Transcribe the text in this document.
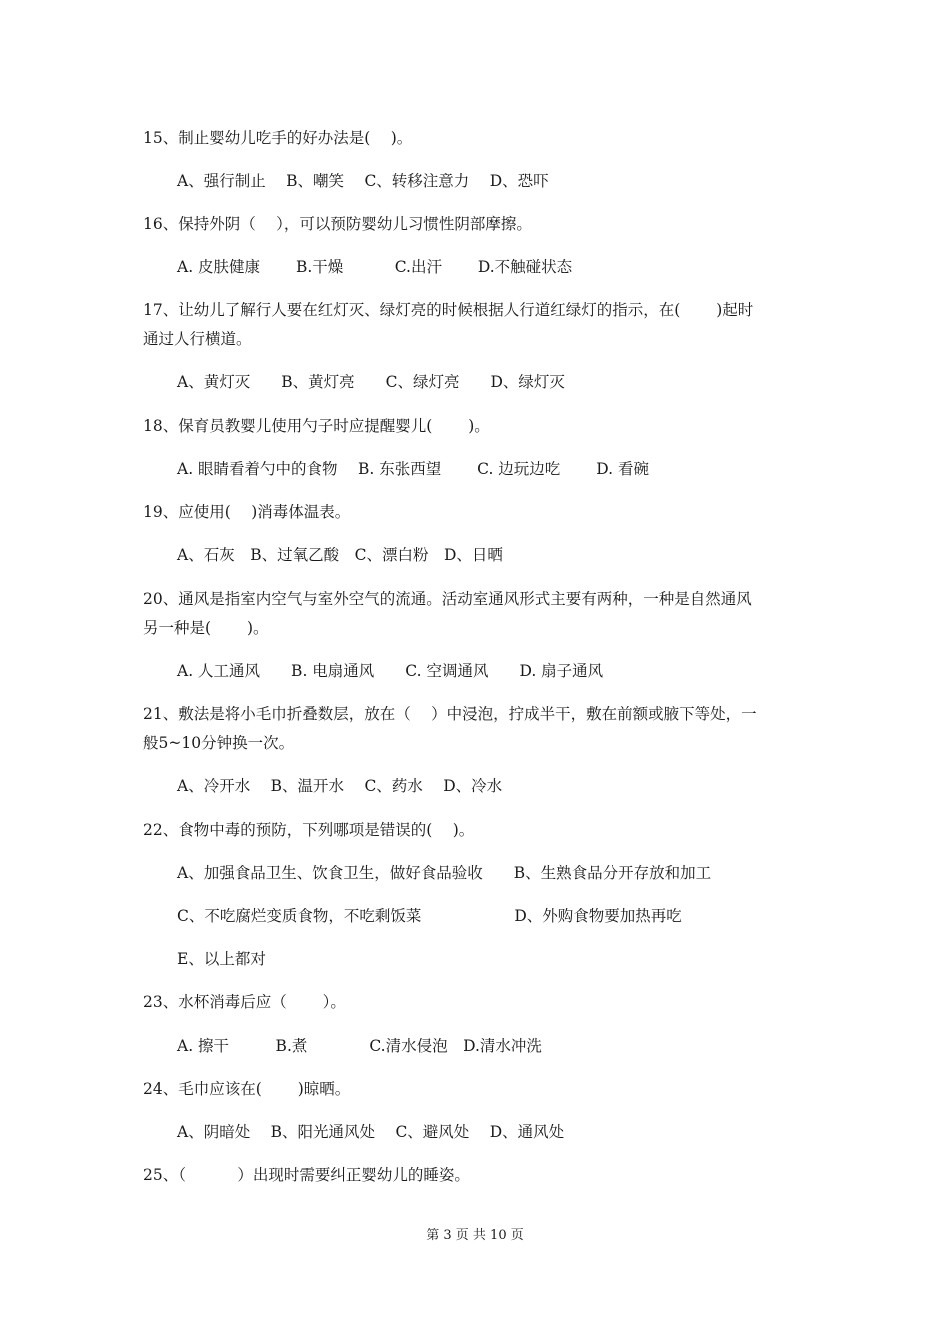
15、制止婴幼儿吃手的好办法是(　 )。
A、强行制止　 B、嘲笑　 C、转移注意力　 D、恐吓
16、保持外阴（　 ），可以预防婴幼儿习惯性阴部摩擦。
A. 皮肤健康　　 B.干燥　　　 C.出汗　　 D.不触碰状态
17、让幼儿了解行人要在红灯灭、绿灯亮的时候根据人行道红绿灯的指示，在(　 　)起时
通过人行横道。
A、黄灯灭　　B、黄灯亮　　C、绿灯亮　　D、绿灯灭
18、保育员教婴儿使用勺子时应提醒婴儿(　 　)。
A. 眼睛看着勺中的食物　 B. 东张西望　　 C. 边玩边吃　　 D. 看碗
19、应使用(　 )消毒体温表。
A、石灰　B、过氧乙酸　C、漂白粉　D、日晒
20、通风是指室内空气与室外空气的流通。活动室通风形式主要有两种，一种是自然通风
另一种是(　 　)。
A. 人工通风　　B. 电扇通风　　C. 空调通风　　D. 扇子通风
21、敷法是将小毛巾折叠数层，放在（　 ）中浸泡，拧成半干，敷在前额或腋下等处，一
般5~10分钟换一次。
A、冷开水　 B、温开水　 C、药水　 D、冷水
22、食物中毒的预防，下列哪项是错误的(　 )。
A、加强食品卫生、饮食卫生，做好食品验收　　B、生熟食品分开存放和加工
C、不吃腐烂变质食物，不吃剩饭菜　　　　　　D、外购食物要加热再吃
E、以上都对
23、水杯消毒后应（　 　）。
A. 擦干　　　B.煮　　　　C.清水侵泡　D.清水冲洗
24、毛巾应该在(　 　)晾晒。
A、阴暗处　 B、阳光通风处　 C、避风处　 D、通风处
25、（　　　 ）出现时需要纠正婴幼儿的睡姿。
第 3 页 共 10 页
